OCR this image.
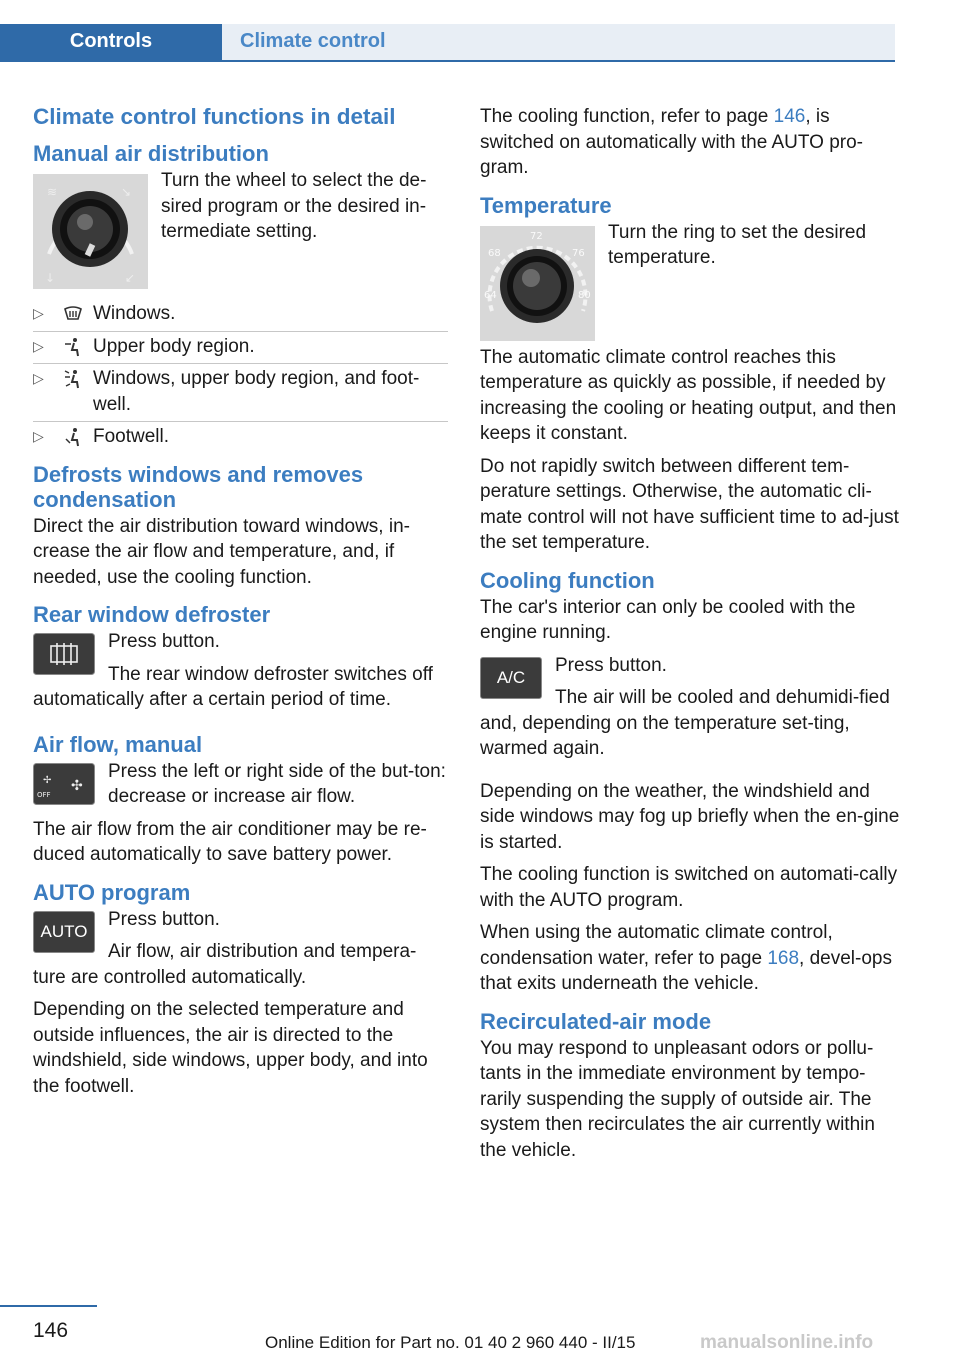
Controls	Climate control
Climate control functions in detail
Manual air distribution
≋	↘
↓	↙

Turn the wheel to select the de-sired program or the desired in-termediate setting.

▷	Windows.
▷	Upper body region.
▷	Windows, upper body region, and foot-well.
▷	Footwell.
Defrosts windows and removes condensation

Direct the air distribution toward windows, in-crease the air flow and temperature, and, if needed, use the cooling function.

Rear window defroster

Press button.

The rear window defroster switches off automatically after a certain period of time.

Air flow, manual
✢
OFF
✣

Press the left or right side of the but-ton: decrease or increase air flow.

The air flow from the air conditioner may be re-duced automatically to save battery power.

AUTO program
AUTO

Press button.

Air flow, air distribution and tempera-ture are controlled automatically.

Depending on the selected temperature and outside influences, the air is directed to the windshield, side windows, upper body, and into the footwell.

The cooling function, refer to page 146, is switched on automatically with the AUTO pro-gram.

Temperature
68
72
76
64	80

Turn the ring to set the desired temperature.

The automatic climate control reaches this temperature as quickly as possible, if needed by increasing the cooling or heating output, and then keeps it constant.

Do not rapidly switch between different tem-perature settings. Otherwise, the automatic cli-mate control will not have sufficient time to ad-just the set temperature.

Cooling function

The car's interior can only be cooled with the engine running.

A/C

Press button.

The air will be cooled and dehumidi-fied and, depending on the temperature set-ting, warmed again.

Depending on the weather, the windshield and side windows may fog up briefly when the en-gine is started.

The cooling function is switched on automati-cally with the AUTO program.

When using the automatic climate control, condensation water, refer to page 168, devel-ops that exits underneath the vehicle.

Recirculated-air mode

You may respond to unpleasant odors or pollu-tants in the immediate environment by tempo-rarily suspending the supply of outside air. The system then recirculates the air currently within the vehicle.

146
Online Edition for Part no. 01 40 2 960 440 - II/15	manualsonline.info
